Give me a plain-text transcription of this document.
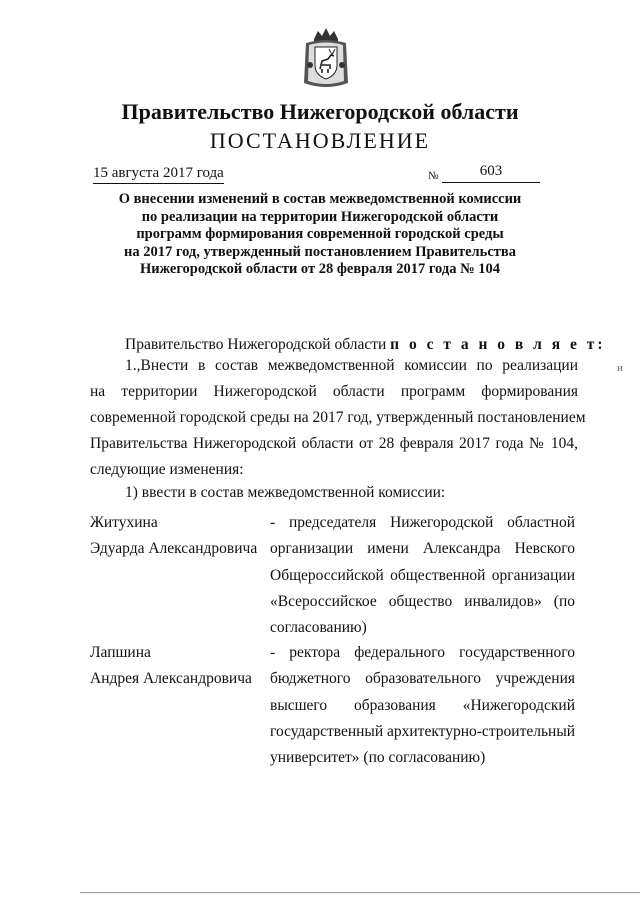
Правительство Нижегородской области
ПОСТАНОВЛЕНИЕ
15 августа 2017 года	№	603
О внесении изменений в состав межведомственной комиссии
по реализации на территории Нижегородской области
программ формирования современной городской среды
на 2017 год, утвержденный постановлением Правительства
Нижегородской области от 28 февраля 2017 года № 104
Правительство Нижегородской области п о с т а н о в л я е т:
1.,Внести в состав межведомственной комиссии по реализации
на территории Нижегородской области программ формирования
современной городской среды на 2017 год, утвержденный постановлением
Правительства Нижегородской области от 28 февраля 2017 года № 104,
следующие изменения:
и
1) ввести в состав межведомственной комиссии:
Житухина
Эдуарда Александровича
- председателя Нижегородской областной
организации имени Александра Невского
Общероссийской общественной организации
«Всероссийское общество инвалидов» (по
согласованию)
Лапшина
Андрея Александровича
- ректора федерального государственного
бюджетного образовательного учреждения
высшего образования «Нижегородский
государственный архитектурно-строительный
университет» (по согласованию)
